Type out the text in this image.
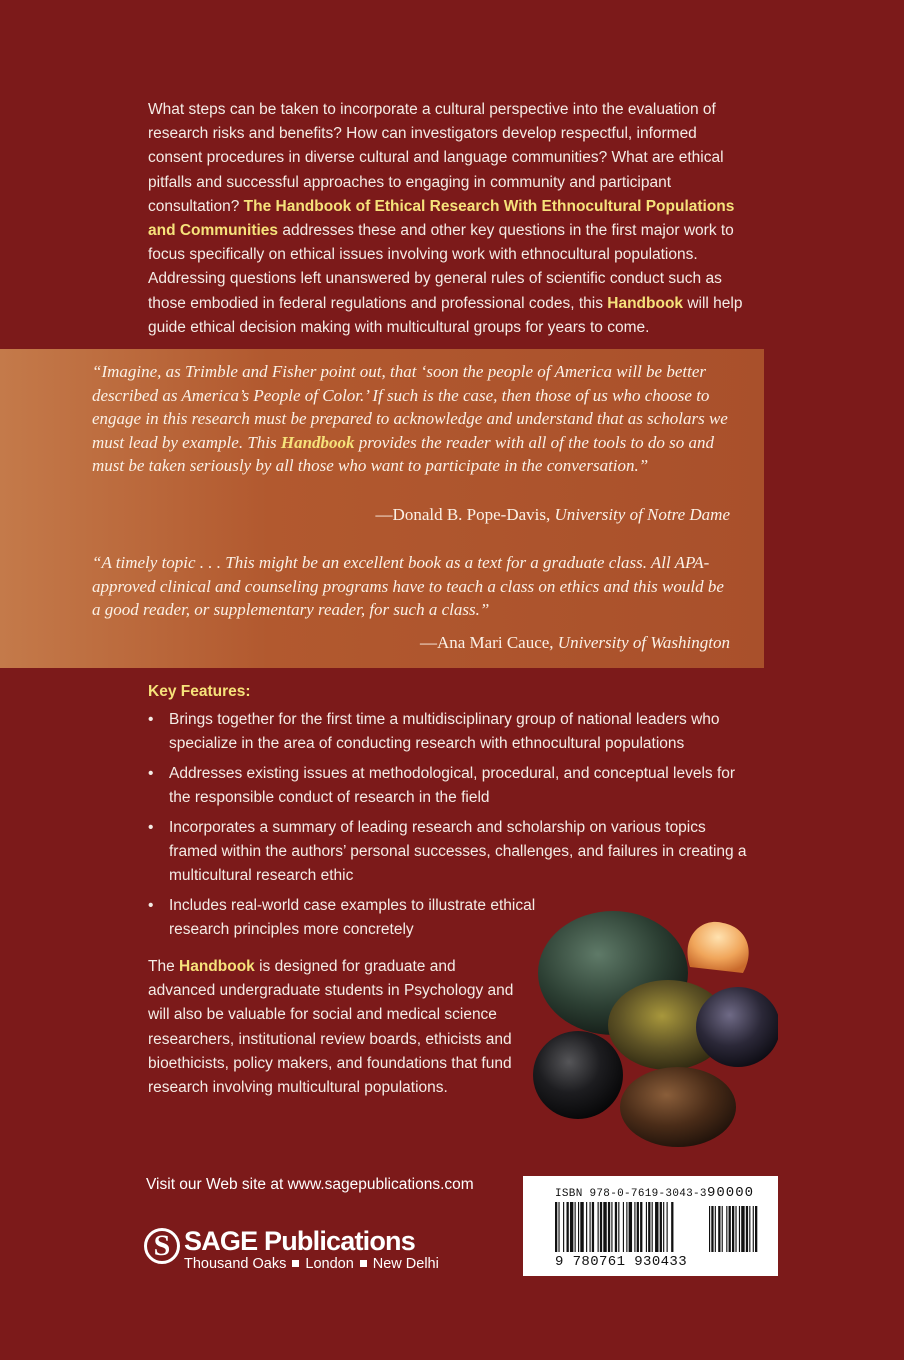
What steps can be taken to incorporate a cultural perspective into the evaluation of research risks and benefits? How can investigators develop respectful, informed consent procedures in diverse cultural and language communities? What are ethical pitfalls and successful approaches to engaging in community and participant consultation? The Handbook of Ethical Research With Ethnocultural Populations and Communities addresses these and other key questions in the first major work to focus specifically on ethical issues involving work with ethnocultural populations. Addressing questions left unanswered by general rules of scientific conduct such as those embodied in federal regulations and professional codes, this Handbook will help guide ethical decision making with multicultural groups for years to come.
“Imagine, as Trimble and Fisher point out, that ‘soon the people of America will be better described as America’s People of Color.’ If such is the case, then those of us who choose to engage in this research must be prepared to acknowledge and understand that as scholars we must lead by example. This Handbook provides the reader with all of the tools to do so and must be taken seriously by all those who want to participate in the conversation.”
—Donald B. Pope-Davis, University of Notre Dame
“A timely topic . . . This might be an excellent book as a text for a graduate class. All APA-approved clinical and counseling programs have to teach a class on ethics and this would be a good reader, or supplementary reader, for such a class.”
—Ana Mari Cauce, University of Washington
Key Features:
• Brings together for the first time a multidisciplinary group of national leaders who specialize in the area of conducting research with ethnocultural populations
• Addresses existing issues at methodological, procedural, and conceptual levels for the responsible conduct of research in the field
• Incorporates a summary of leading research and scholarship on various topics framed within the authors’ personal successes, challenges, and failures in creating a multicultural research ethic
• Includes real-world case examples to illustrate ethical research principles more concretely
The Handbook is designed for graduate and advanced undergraduate students in Psychology and will also be valuable for social and medical science researchers, institutional review boards, ethicists and bioethicists, policy makers, and foundations that fund research involving multicultural populations.
Visit our Web site at www.sagepublications.com
S SAGE Publications
Thousand Oaks London New Delhi
ISBN 978-0-7619-3043-3 90000
9 780761 930433
